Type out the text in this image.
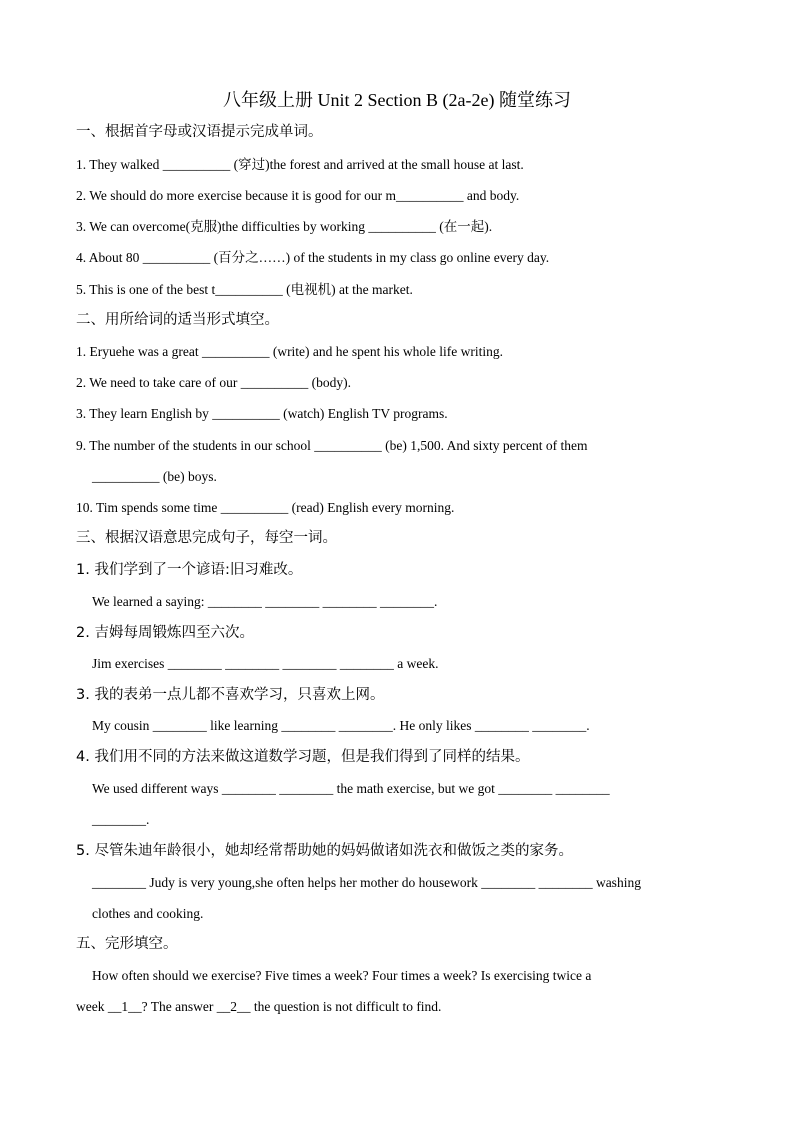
八年级上册 Unit 2 Section B (2a-2e) 随堂练习
一、根据首字母或汉语提示完成单词。
1. They walked __________ (穿过)the forest and arrived at the small house at last.
2. We should do more exercise because it is good for our m__________ and body.
3. We can overcome(克服)the difficulties by working __________ (在一起).
4. About 80 __________ (百分之……) of the students in my class go online every day.
5. This is one of the best t__________ (电视机) at the market.
二、用所给词的适当形式填空。
1. Eryuehe was a great __________ (write) and he spent his whole life writing.
2. We need to take care of our __________ (body).
3. They learn English by __________ (watch) English TV programs.
9. The number of the students in our school __________ (be) 1,500. And sixty percent of them
__________ (be) boys.
10. Tim spends some time __________ (read) English every morning.
三、根据汉语意思完成句子，每空一词。
1. 我们学到了一个谚语:旧习难改。
We learned a saying: ________ ________ ________ ________.
2. 吉姆每周锻炼四至六次。
Jim exercises ________ ________ ________ ________ a week.
3. 我的表弟一点儿都不喜欢学习，只喜欢上网。
My cousin ________ like learning ________ ________. He only likes ________ ________.
4. 我们用不同的方法来做这道数学习题，但是我们得到了同样的结果。
We used different ways ________ ________ the math exercise, but we got ________ ________
________.
5. 尽管朱迪年龄很小，她却经常帮助她的妈妈做诸如洗衣和做饭之类的家务。
________ Judy is very young,she often helps her mother do housework ________ ________ washing
clothes and cooking.
五、完形填空。
How often should we exercise? Five times a week? Four times a week? Is exercising twice a
week __1__? The answer __2__ the question is not difficult to find.
